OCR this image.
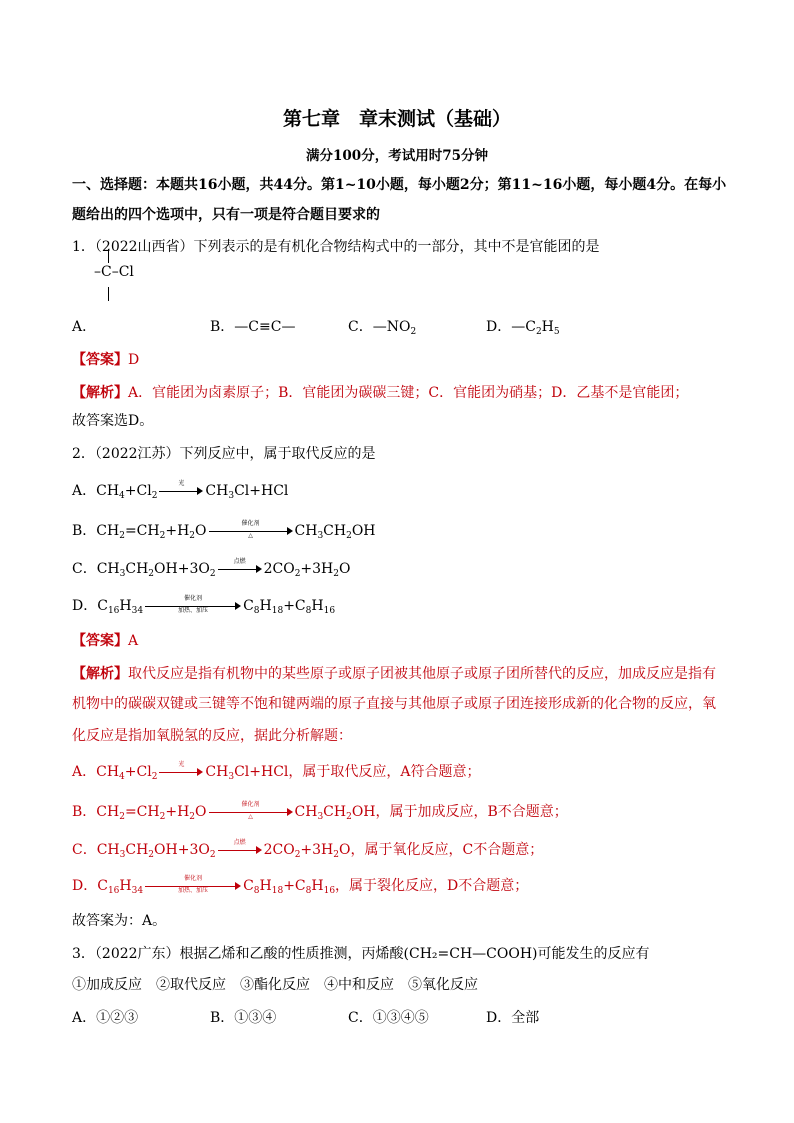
第七章　章末测试（基础）
满分100分，考试用时75分钟
一、选择题：本题共16小题，共44分。第1~10小题，每小题2分；第11~16小题，每小题4分。在每小
题给出的四个选项中，只有一项是符合题目要求的
1．（2022山西省）下列表示的是有机化合物结构式中的一部分，其中不是官能团的是
–C–Cl
A．	B．—C≡C—	C．$—NO_2$	D．$—C_2H_5$
【答案】D
【解析】A．官能团为卤素原子；B．官能团为碳碳三键；C．官能团为硝基；D．乙基不是官能团；
故答案选D。
2．（2022江苏）下列反应中，属于取代反应的是
A．$CH_4+Cl_2$
光	$CH_3Cl+HCl$
B．$CH_2=CH_2+H_2O$	催化剂
△	$CH_3CH_2OH$
C．$CH_3CH_2OH+3O_2$
点燃	$2CO_2+3H_2O$
D．$C_{16}H_{34}$
催化剂
加热、加压	$C_8H_{18}+C_8H_{16}$
【答案】A
【解析】取代反应是指有机物中的某些原子或原子团被其他原子或原子团所替代的反应，加成反应是指有
机物中的碳碳双键或三键等不饱和键两端的原子直接与其他原子或原子团连接形成新的化合物的反应，氧
化反应是指加氧脱氢的反应，据此分析解题：
A．$CH_4+Cl_2$
光	$CH_3Cl+HCl$，属于取代反应，A符合题意；
B．$CH_2=CH_2+H_2O$	催化剂
△	$CH_3CH_2OH$，属于加成反应，B不合题意；
C．$CH_3CH_2OH+3O_2$
点燃	$2CO_2+3H_2O$，属于氧化反应，C不合题意；
D．$C_{16}H_{34}$
催化剂
加热、加压	$C_8H_{18}+C_8H_{16}$，属于裂化反应，D不合题意；
故答案为：A。
3．（2022广东）根据乙烯和乙酸的性质推测，丙烯酸(CH₂=CH—COOH)可能发生的反应有
①加成反应　②取代反应　③酯化反应　④中和反应　⑤氧化反应
A．①②③	B．①③④	C．①③④⑤	D．全部
